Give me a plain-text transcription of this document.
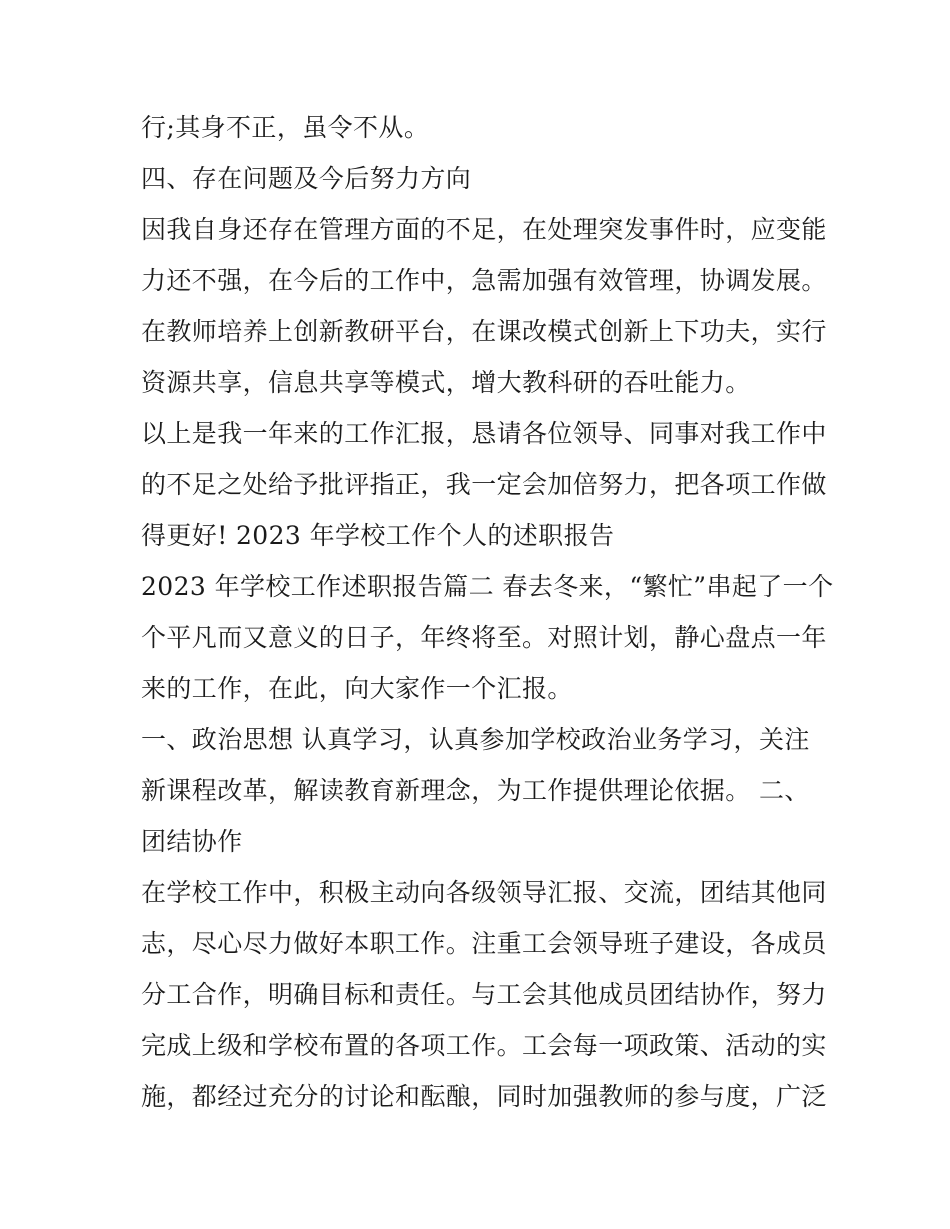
行;其身不正，虽令不从。
四、存在问题及今后努力方向
因我自身还存在管理方面的不足，在处理突发事件时，应变能
力还不强，在今后的工作中，急需加强有效管理，协调发展。
在教师培养上创新教研平台，在课改模式创新上下功夫，实行
资源共享，信息共享等模式，增大教科研的吞吐能力。
以上是我一年来的工作汇报，恳请各位领导、同事对我工作中
的不足之处给予批评指正，我一定会加倍努力，把各项工作做
得更好! 2023 年学校工作个人的述职报告
2023 年学校工作述职报告篇二 春去冬来，“繁忙”串起了一个
个平凡而又意义的日子，年终将至。对照计划，静心盘点一年
来的工作，在此，向大家作一个汇报。
一、政治思想 认真学习，认真参加学校政治业务学习，关注
新课程改革，解读教育新理念，为工作提供理论依据。 二、
团结协作
在学校工作中，积极主动向各级领导汇报、交流，团结其他同
志，尽心尽力做好本职工作。注重工会领导班子建设，各成员
分工合作，明确目标和责任。与工会其他成员团结协作，努力
完成上级和学校布置的各项工作。工会每一项政策、活动的实
施，都经过充分的讨论和酝酿，同时加强教师的参与度，广泛
